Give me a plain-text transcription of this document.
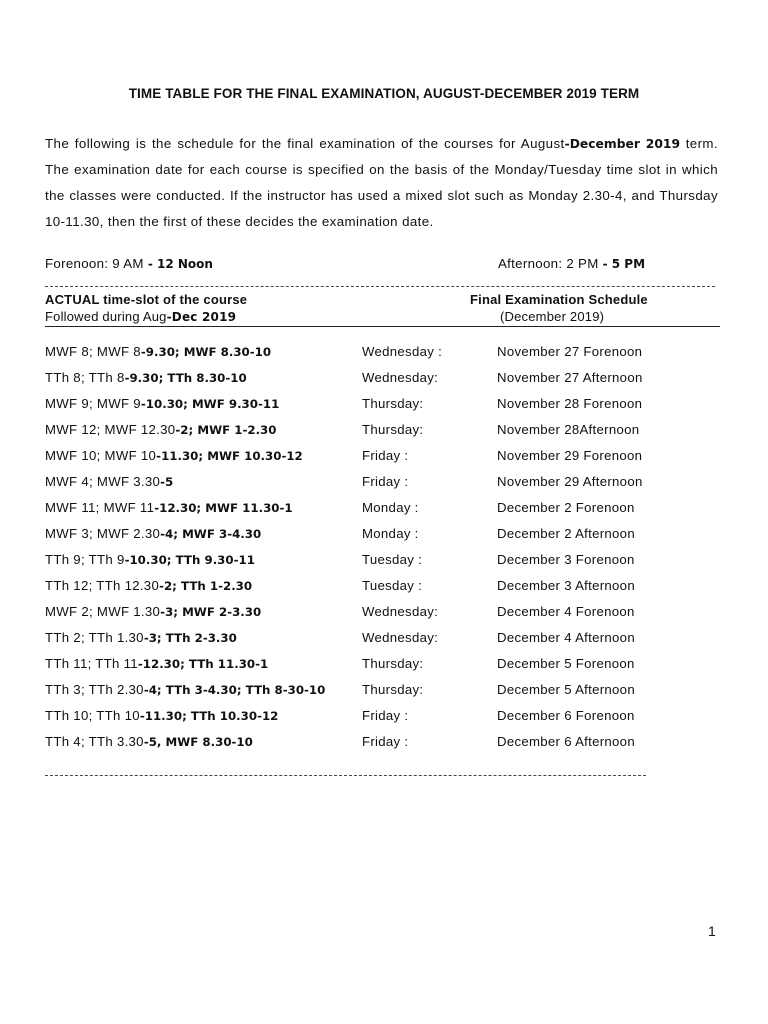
TIME TABLE FOR THE FINAL EXAMINATION, AUGUST-DECEMBER 2019 TERM
The following is the schedule for the final examination of the courses for August-December 2019 term. The examination date for each course is specified on the basis of the Monday/Tuesday time slot in which the classes were conducted. If the instructor has used a mixed slot such as Monday 2.30-4, and Thursday 10-11.30, then the first of these decides the examination date.
Forenoon: 9 AM - 12 Noon	Afternoon: 2 PM - 5 PM
ACTUAL time-slot of the course
Followed during Aug-Dec 2019
Final Examination Schedule
(December 2019)
MWF 8; MWF 8-9.30; MWF 8.30-10	Wednesday :	November 27 Forenoon
TTh 8; TTh 8-9.30; TTh 8.30-10	Wednesday:	November 27 Afternoon
MWF 9; MWF 9-10.30; MWF 9.30-11	Thursday:	November 28 Forenoon
MWF 12; MWF 12.30-2; MWF 1-2.30	Thursday:	November 28Afternoon
MWF 10; MWF 10-11.30; MWF 10.30-12	Friday :	November 29 Forenoon
MWF 4; MWF 3.30-5	Friday :	November 29 Afternoon
MWF 11; MWF 11-12.30; MWF 11.30-1	Monday :	December 2 Forenoon
MWF 3; MWF 2.30-4; MWF 3-4.30	Monday :	December 2 Afternoon
TTh 9; TTh 9-10.30; TTh 9.30-11	Tuesday :	December 3 Forenoon
TTh 12; TTh 12.30-2; TTh 1-2.30	Tuesday :	December 3 Afternoon
MWF 2; MWF 1.30-3; MWF 2-3.30	Wednesday:	December 4 Forenoon
TTh 2; TTh 1.30-3; TTh 2-3.30	Wednesday:	December 4 Afternoon
TTh 11; TTh 11-12.30; TTh 11.30-1	Thursday:	December 5 Forenoon
TTh 3; TTh 2.30-4; TTh 3-4.30; TTh 8-30-10	Thursday:	December 5 Afternoon
TTh 10; TTh 10-11.30; TTh 10.30-12	Friday :	December 6 Forenoon
TTh 4; TTh 3.30-5, MWF 8.30-10	Friday :	December 6 Afternoon
1
